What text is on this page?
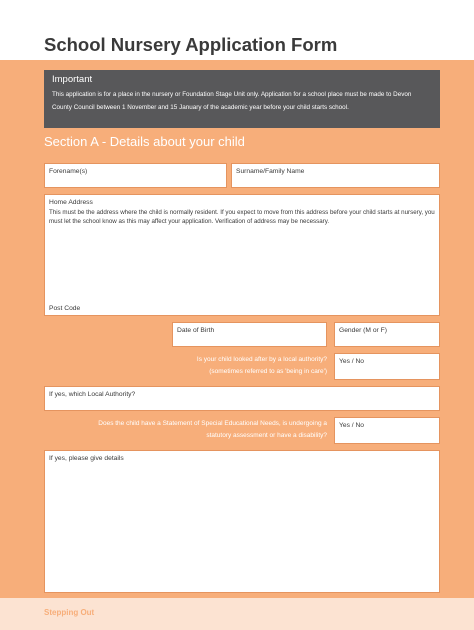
School Nursery Application Form
Important
This application is for a place in the nursery or Foundation Stage Unit only. Application for a school place must be made to Devon County Council between 1 November and 15 January of the academic year before your child starts school.
Section A - Details about your child
Forename(s)	Surname/Family Name
Home Address
This must be the address where the child is normally resident. If you expect to move from this address before your child starts at nursery, you must let the school know as this may affect your application. Verification of address may be necessary.
Post Code
Date of Birth	Gender (M or F)
Is your child looked after by a local authority?
(sometimes referred to as 'being in care')
Yes / No
If yes, which Local Authority?
Does the child have a Statement of Special Educational Needs, is undergoing a
statutory assessment or have a disability?
Yes / No
If yes, please give details
Stepping Out
